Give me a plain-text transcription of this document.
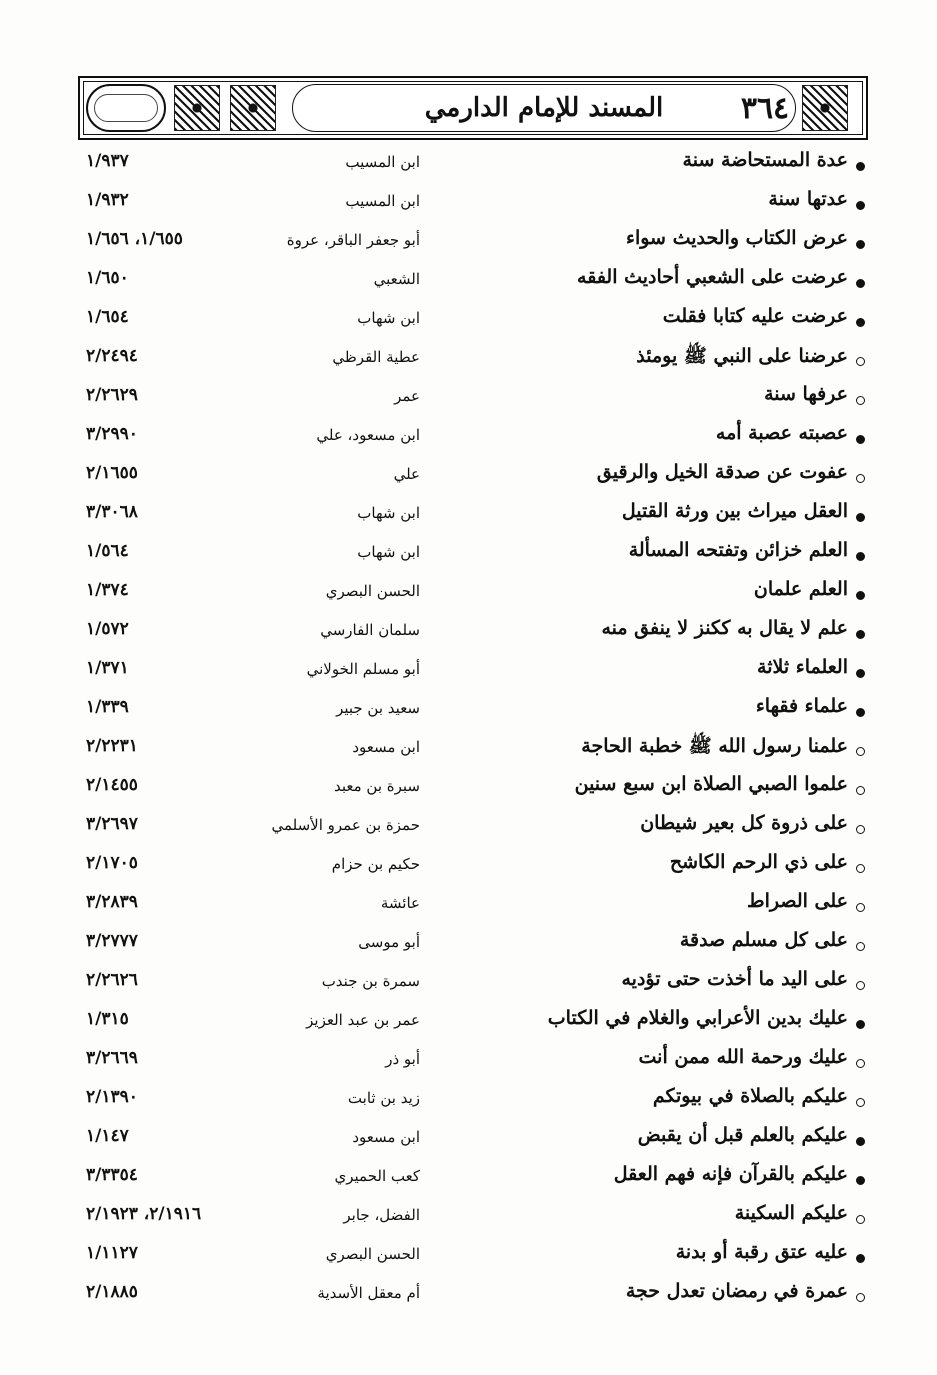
المسند للإمام الدارمي	٣٦٤
عدة المستحاضة سنة
ابن المسيب
١/٩٣٧
عدتها سنة
ابن المسيب
١/٩٣٢
عرض الكتاب والحديث سواء
أبو جعفر الباقر، عروة
١/٦٥٥، ١/٦٥٦
عرضت على الشعبي أحاديث الفقه
الشعبي
١/٦٥٠
عرضت عليه كتابا فقلت
ابن شهاب
١/٦٥٤
عرضنا على النبي ﷺ يومئذ
عطية القرظي
٢/٢٤٩٤
عرفها سنة
عمر
٢/٢٦٢٩
عصبته عصبة أمه
ابن مسعود، علي
٣/٢٩٩٠
عفوت عن صدقة الخيل والرقيق
علي
٢/١٦٥٥
العقل ميراث بين ورثة القتيل
ابن شهاب
٣/٣٠٦٨
العلم خزائن وتفتحه المسألة
ابن شهاب
١/٥٦٤
العلم علمان
الحسن البصري
١/٣٧٤
علم لا يقال به ككنز لا ينفق منه
سلمان الفارسي
١/٥٧٢
العلماء ثلاثة
أبو مسلم الخولاني
١/٣٧١
علماء فقهاء
سعيد بن جبير
١/٣٣٩
علمنا رسول الله ﷺ خطبة الحاجة
ابن مسعود
٢/٢٢٣١
علموا الصبي الصلاة ابن سبع سنين
سبرة بن معبد
٢/١٤٥٥
على ذروة كل بعير شيطان
حمزة بن عمرو الأسلمي
٣/٢٦٩٧
على ذي الرحم الكاشح
حكيم بن حزام
٢/١٧٠٥
على الصراط
عائشة
٣/٢٨٣٩
على كل مسلم صدقة
أبو موسى
٣/٢٧٧٧
على اليد ما أخذت حتى تؤديه
سمرة بن جندب
٢/٢٦٢٦
عليك بدين الأعرابي والغلام في الكتاب
عمر بن عبد العزيز
١/٣١٥
عليك ورحمة الله ممن أنت
أبو ذر
٣/٢٦٦٩
عليكم بالصلاة في بيوتكم
زيد بن ثابت
٢/١٣٩٠
عليكم بالعلم قبل أن يقبض
ابن مسعود
١/١٤٧
عليكم بالقرآن فإنه فهم العقل
كعب الحميري
٣/٣٣٥٤
عليكم السكينة
الفضل، جابر
٢/١٩١٦، ٢/١٩٢٣
عليه عتق رقبة أو بدنة
الحسن البصري
١/١١٢٧
عمرة في رمضان تعدل حجة
أم معقل الأسدية
٢/١٨٨٥
